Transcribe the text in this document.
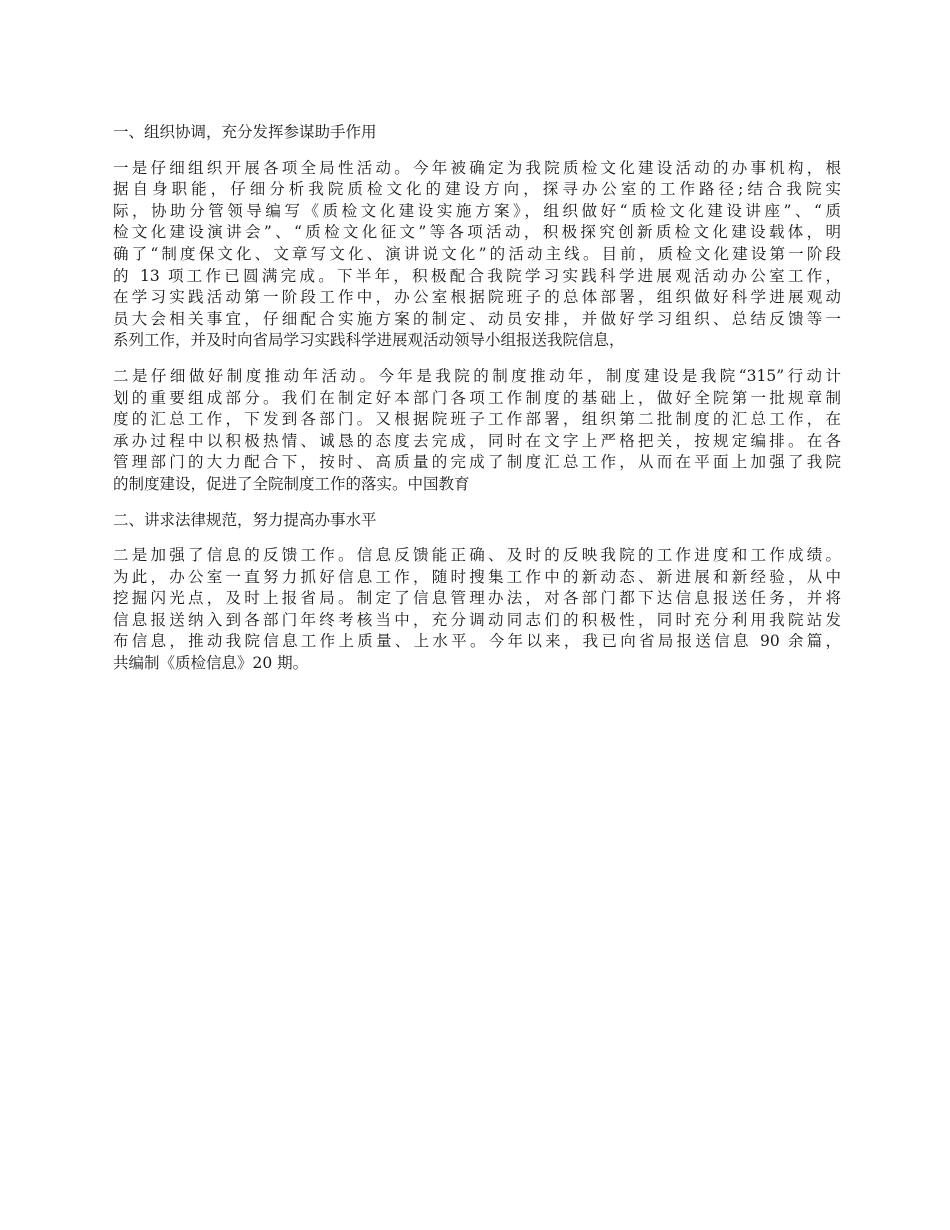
一、组织协调，充分发挥参谋助手作用
一是仔细组织开展各项全局性活动。今年被确定为我院质检文化建设活动的办事机构，根
据自身职能，仔细分析我院质检文化的建设方向，探寻办公室的工作路径;结合我院实
际，协助分管领导编写《质检文化建设实施方案》，组织做好“质检文化建设讲座”、“质
检文化建设演讲会”、“质检文化征文”等各项活动，积极探究创新质检文化建设载体，明
确了“制度保文化、文章写文化、演讲说文化”的活动主线。目前，质检文化建设第一阶段
的 13 项工作已圆满完成。下半年，积极配合我院学习实践科学进展观活动办公室工作，
在学习实践活动第一阶段工作中，办公室根据院班子的总体部署，组织做好科学进展观动
员大会相关事宜，仔细配合实施方案的制定、动员安排，并做好学习组织、总结反馈等一
系列工作，并及时向省局学习实践科学进展观活动领导小组报送我院信息，
二是仔细做好制度推动年活动。今年是我院的制度推动年，制度建设是我院“315”行动计
划的重要组成部分。我们在制定好本部门各项工作制度的基础上，做好全院第一批规章制
度的汇总工作，下发到各部门。又根据院班子工作部署，组织第二批制度的汇总工作，在
承办过程中以积极热情、诚恳的态度去完成，同时在文字上严格把关，按规定编排。在各
管理部门的大力配合下，按时、高质量的完成了制度汇总工作，从而在平面上加强了我院
的制度建设，促进了全院制度工作的落实。中国教育
二、讲求法律规范，努力提高办事水平
二是加强了信息的反馈工作。信息反馈能正确、及时的反映我院的工作进度和工作成绩。
为此，办公室一直努力抓好信息工作，随时搜集工作中的新动态、新进展和新经验，从中
挖掘闪光点，及时上报省局。制定了信息管理办法，对各部门都下达信息报送任务，并将
信息报送纳入到各部门年终考核当中，充分调动同志们的积极性，同时充分利用我院站发
布信息，推动我院信息工作上质量、上水平。今年以来，我已向省局报送信息 90 余篇，
共编制《质检信息》20 期。
